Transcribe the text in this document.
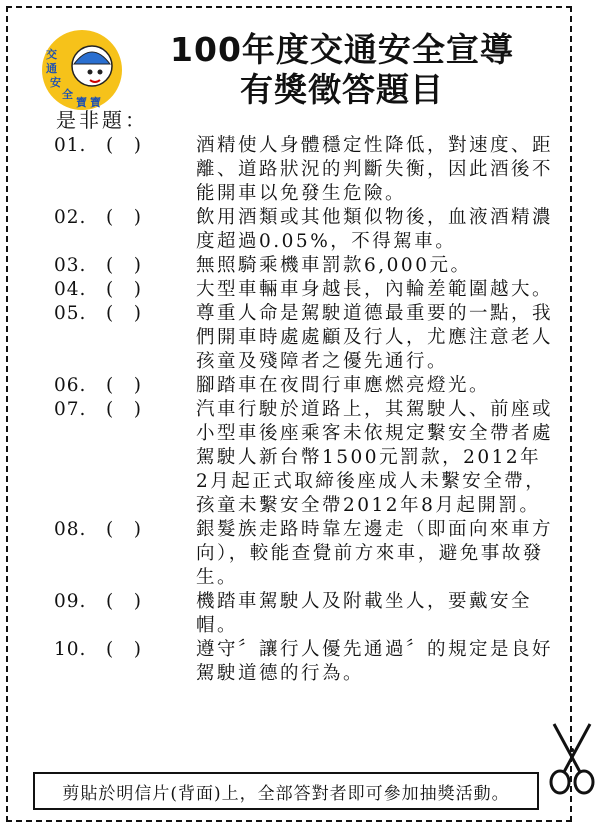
交
通
安
全
寶 寶
100年度交通安全宣導
有獎徵答題目
是非題：
01.	(　)	酒精使人身體穩定性降低，對速度、距離、道路狀況的判斷失衡，因此酒後不能開車以免發生危險。
02.	(　)	飲用酒類或其他類似物後，血液酒精濃度超過0.05%，不得駕車。
03.	(　)	無照騎乘機車罰款6,000元。
04.	(　)	大型車輛車身越長，內輪差範圍越大。
05.	(　)	尊重人命是駕駛道德最重要的一點，我們開車時處處顧及行人，尤應注意老人孩童及殘障者之優先通行。
06.	(　)	腳踏車在夜間行車應燃亮燈光。
07.	(　)	汽車行駛於道路上，其駕駛人、前座或小型車後座乘客未依規定繫安全帶者處駕駛人新台幣1500元罰款，2012年2月起正式取締後座成人未繫安全帶，孩童未繫安全帶2012年8月起開罰。
08.	(　)	銀髮族走路時靠左邊走（即面向來車方向），較能查覺前方來車，避免事故發生。
09.	(　)	機踏車駕駛人及附載坐人，要戴安全帽。
10.	(　)	遵守〞讓行人優先通過〞的規定是良好駕駛道德的行為。
剪貼於明信片(背面)上，全部答對者即可參加抽獎活動。
